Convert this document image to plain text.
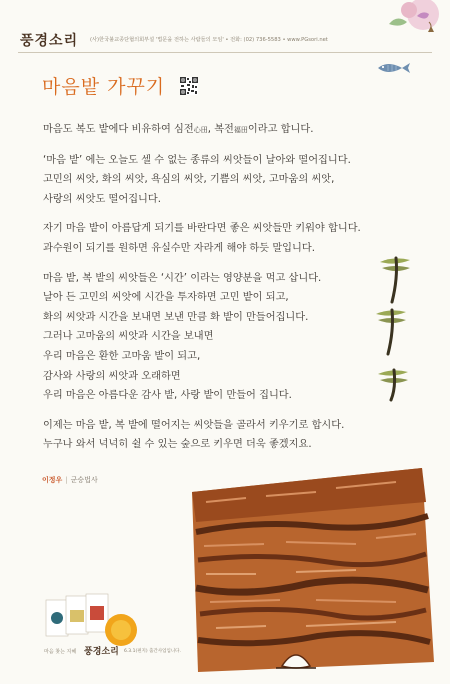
풍경소리 (사)한국불교종단협의회부설 '법문을 전하는 사람들의 모임' • 전화: (02) 736-5583 • www.PGsori.net
마음밭 가꾸기
마음도 복도 밭에다 비유하여 심전心田, 복전福田이라고 합니다.
‘마음 밭’ 에는 오늘도 셀 수 없는 종류의 씨앗들이 날아와 떨어집니다.
고민의 씨앗, 화의 씨앗, 욕심의 씨앗, 기쁨의 씨앗, 고마움의 씨앗,
사랑의 씨앗도 떨어집니다.
자기 마음 밭이 아름답게 되기를 바란다면 좋은 씨앗들만 키워야 합니다.
과수원이 되기를 원하면 유실수만 자라게 해야 하듯 말입니다.
마음 밭, 복 밭의 씨앗들은 ‘시간’ 이라는 영양분을 먹고 삽니다.
날아 든 고민의 씨앗에 시간을 투자하면 고민 밭이 되고,
화의 씨앗과 시간을 보내면 보낸 만큼 화 밭이 만들어집니다.
그러나 고마움의 씨앗과 시간을 보내면
우리 마음은 환한 고마움 밭이 되고,
감사와 사랑의 씨앗과 오래하면
우리 마음은 아름다운 감사 밭, 사랑 밭이 만들어 집니다.
이제는 마음 밭, 복 밭에 떨어지는 씨앗들을 골라서 키우기로 합시다.
누구나 와서 넉넉히 쉴 수 있는 숲으로 키우면 더욱 좋겠지요.
이정우 | 군승법사
마음 찾는 지혜 풍경소리 6.3.1(편지) 출간사업입니다.
